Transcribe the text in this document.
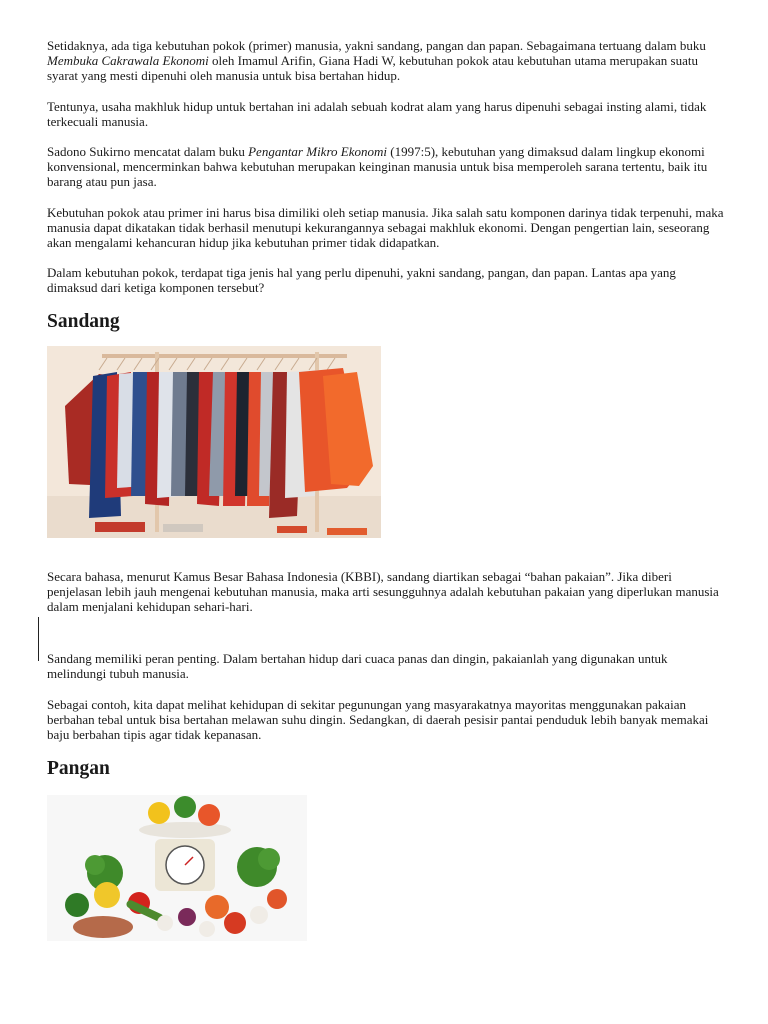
Setidaknya, ada tiga kebutuhan pokok (primer) manusia, yakni sandang, pangan dan papan. Sebagaimana tertuang dalam buku Membuka Cakrawala Ekonomi oleh Imamul Arifin, Giana Hadi W, kebutuhan pokok atau kebutuhan utama merupakan suatu syarat yang mesti dipenuhi oleh manusia untuk bisa bertahan hidup.

Tentunya, usaha makhluk hidup untuk bertahan ini adalah sebuah kodrat alam yang harus dipenuhi sebagai insting alami, tidak terkecuali manusia.

Sadono Sukirno mencatat dalam buku Pengantar Mikro Ekonomi (1997:5), kebutuhan yang dimaksud dalam lingkup ekonomi konvensional, mencerminkan bahwa kebutuhan merupakan keinginan manusia untuk bisa memperoleh sarana tertentu, baik itu barang atau pun jasa.

Kebutuhan pokok atau primer ini harus bisa dimiliki oleh setiap manusia. Jika salah satu komponen darinya tidak terpenuhi, maka manusia dapat dikatakan tidak berhasil menutupi kekurangannya sebagai makhluk ekonomi. Dengan pengertian lain, seseorang akan mengalami kehancuran hidup jika kebutuhan primer tidak didapatkan.

Dalam kebutuhan pokok, terdapat tiga jenis hal yang perlu dipenuhi, yakni sandang, pangan, dan papan. Lantas apa yang dimaksud dari ketiga komponen tersebut?

Sandang

Secara bahasa, menurut Kamus Besar Bahasa Indonesia (KBBI), sandang diartikan sebagai “bahan pakaian”. Jika diberi penjelasan lebih jauh mengenai kebutuhan manusia, maka arti sesungguhnya adalah kebutuhan pakaian yang diperlukan manusia dalam menjalani kehidupan sehari-hari.

Sandang memiliki peran penting. Dalam bertahan hidup dari cuaca panas dan dingin, pakaianlah yang digunakan untuk melindungi tubuh manusia.

Sebagai contoh, kita dapat melihat kehidupan di sekitar pegunungan yang masyarakatnya mayoritas menggunakan pakaian berbahan tebal untuk bisa bertahan melawan suhu dingin. Sedangkan, di daerah pesisir pantai penduduk lebih banyak memakai baju berbahan tipis agar tidak kepanasan.

Pangan
